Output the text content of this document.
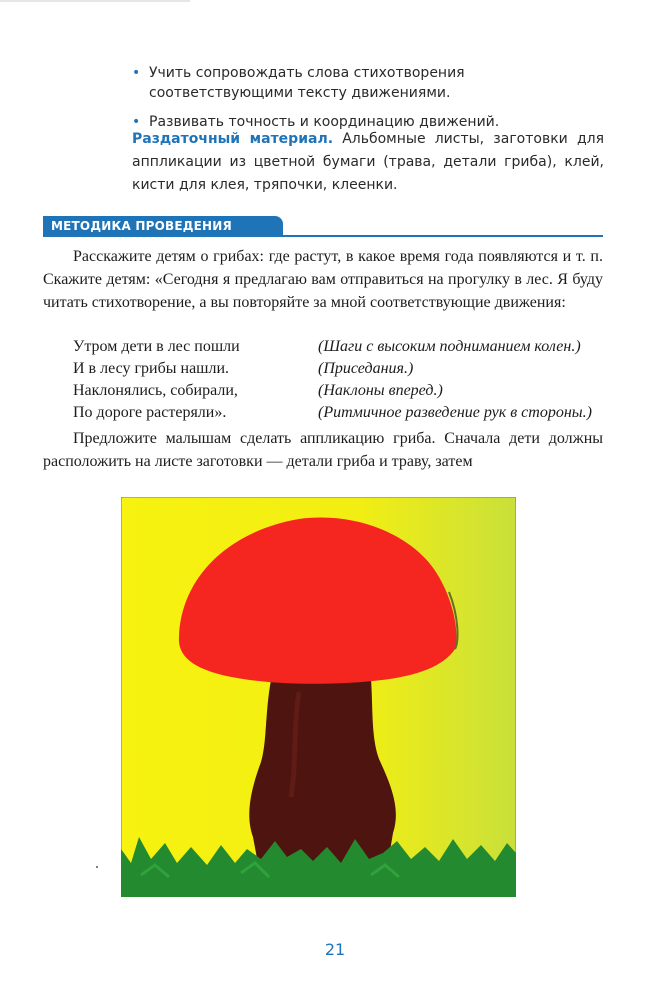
• Учить сопровождать слова стихотворения соответствующими тексту движениями.
• Развивать точность и координацию движений.
Раздаточный материал. Альбомные листы, заготовки для аппликации из цветной бумаги (трава, детали гриба), клей, кисти для клея, тряпочки, клеенки.
МЕТОДИКА ПРОВЕДЕНИЯ

Расскажите детям о грибах: где растут, в какое время года появляются и т. п. Скажите детям: «Сегодня я предлагаю вам отправиться на прогулку в лес. Я буду читать стихотворение, а вы повторяйте за мной соответствующие движения:

Утром дети в лес пошли	(Шаги с высоким подниманием колен.)
И в лесу грибы нашли.	(Приседания.)
Наклонялись, собирали,	(Наклоны вперед.)
По дороге растеряли».	(Ритмичное разведение рук в стороны.)

Предложите малышам сделать аппликацию гриба. Сначала дети должны расположить на листе заготовки — детали гриба и траву, затем

21
